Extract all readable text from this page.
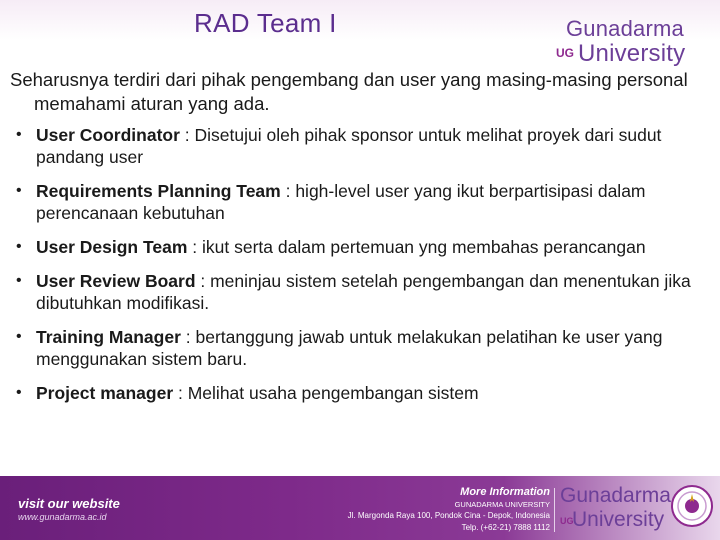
RAD Team I	Gunadarma
UG University

Seharusnya terdiri dari pihak pengembang dan user yang masing-masing personal memahami aturan yang ada.

• User Coordinator : Disetujui oleh pihak sponsor untuk melihat proyek dari sudut pandang user
• Requirements Planning Team : high-level user yang ikut berpartisipasi dalam perencanaan kebutuhan
• User Design Team : ikut serta dalam pertemuan yng membahas perancangan
• User Review Board : meninjau sistem setelah pengembangan dan menentukan jika dibutuhkan modifikasi.
• Training Manager : bertanggung jawab untuk melakukan pelatihan ke user yang menggunakan sistem baru.
• Project manager : Melihat usaha pengembangan sistem
visit our website
www.gunadarma.ac.id
More Information
GUNADARMA UNIVERSITY
Jl. Margonda Raya 100, Pondok Cina - Depok, Indonesia
Telp. (+62-21) 7888 1112
Gunadarma
UG
University
